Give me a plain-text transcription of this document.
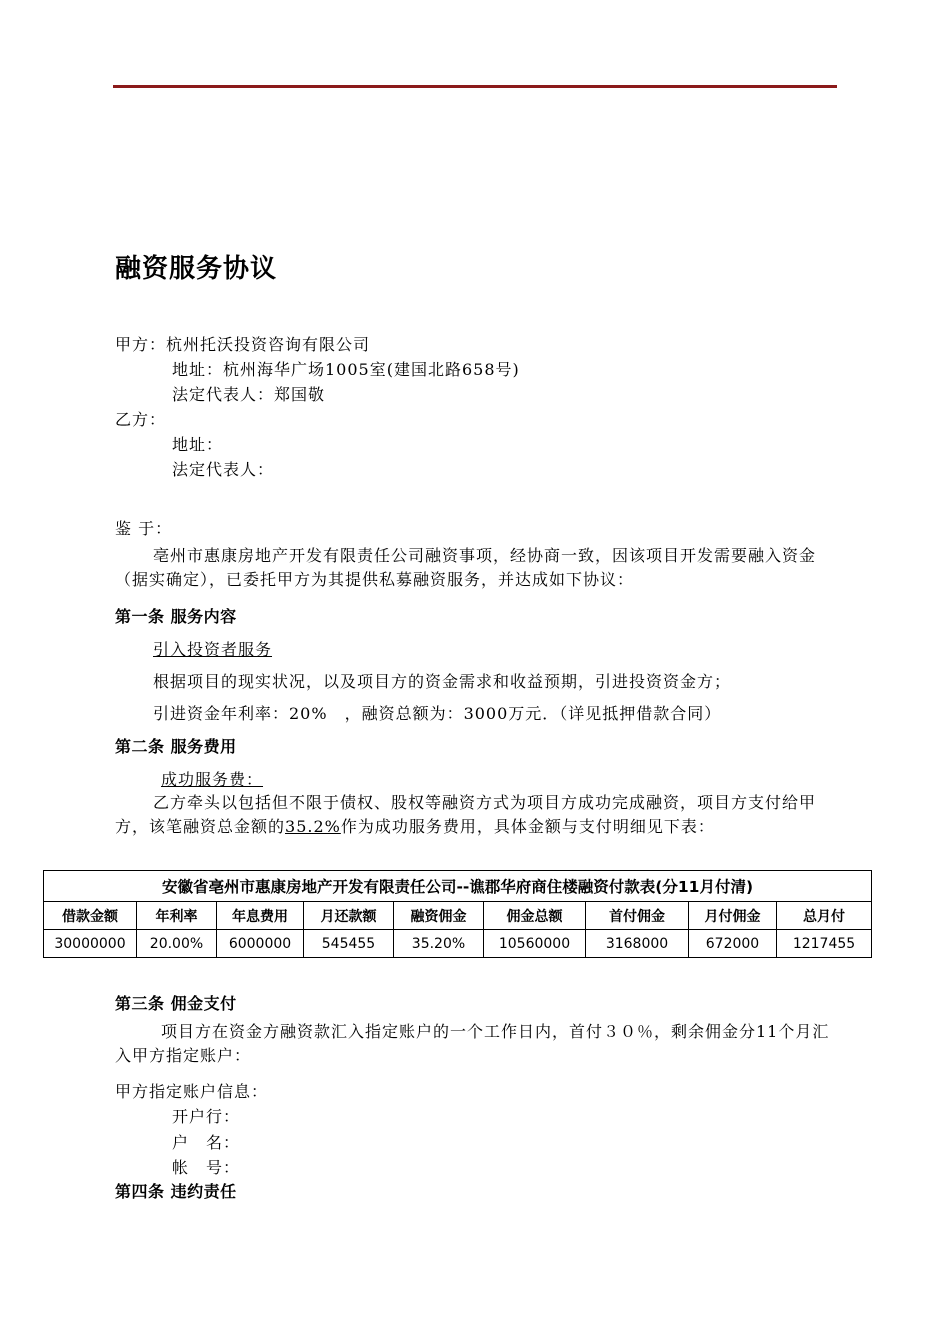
融资服务协议
甲方：杭州托沃投资咨询有限公司
地址：杭州海华广场1005室(建国北路658号)
法定代表人：郑国敬
乙方：
地址：
法定代表人：
鉴 于：
亳州市惠康房地产开发有限责任公司融资事项，经协商一致，因该项目开发需要融入资金（据实确定），已委托甲方为其提供私募融资服务，并达成如下协议：
第一条 服务内容
引入投资者服务
根据项目的现实状况，以及项目方的资金需求和收益预期，引进投资资金方；
引进资金年利率：20%　，融资总额为：3000万元．（详见抵押借款合同）
第二条 服务费用
成功服务费：
乙方牵头以包括但不限于债权、股权等融资方式为项目方成功完成融资，项目方支付给甲方，该笔融资总金额的35.2%作为成功服务费用，具体金额与支付明细见下表：
安徽省亳州市惠康房地产开发有限责任公司--谯郡华府商住楼融资付款表(分11月付清)								
借款金额	年利率	年息费用	月还款额	融资佣金	佣金总额	首付佣金	月付佣金	总月付
30000000	20.00%	6000000	545455	35.20%	10560000	3168000	672000	1217455
第三条 佣金支付
项目方在资金方融资款汇入指定账户的一个工作日内，首付３０％，剩余佣金分11个月汇入甲方指定账户：
甲方指定账户信息：
开户行：
户　名：
帐　号：
第四条 违约责任
